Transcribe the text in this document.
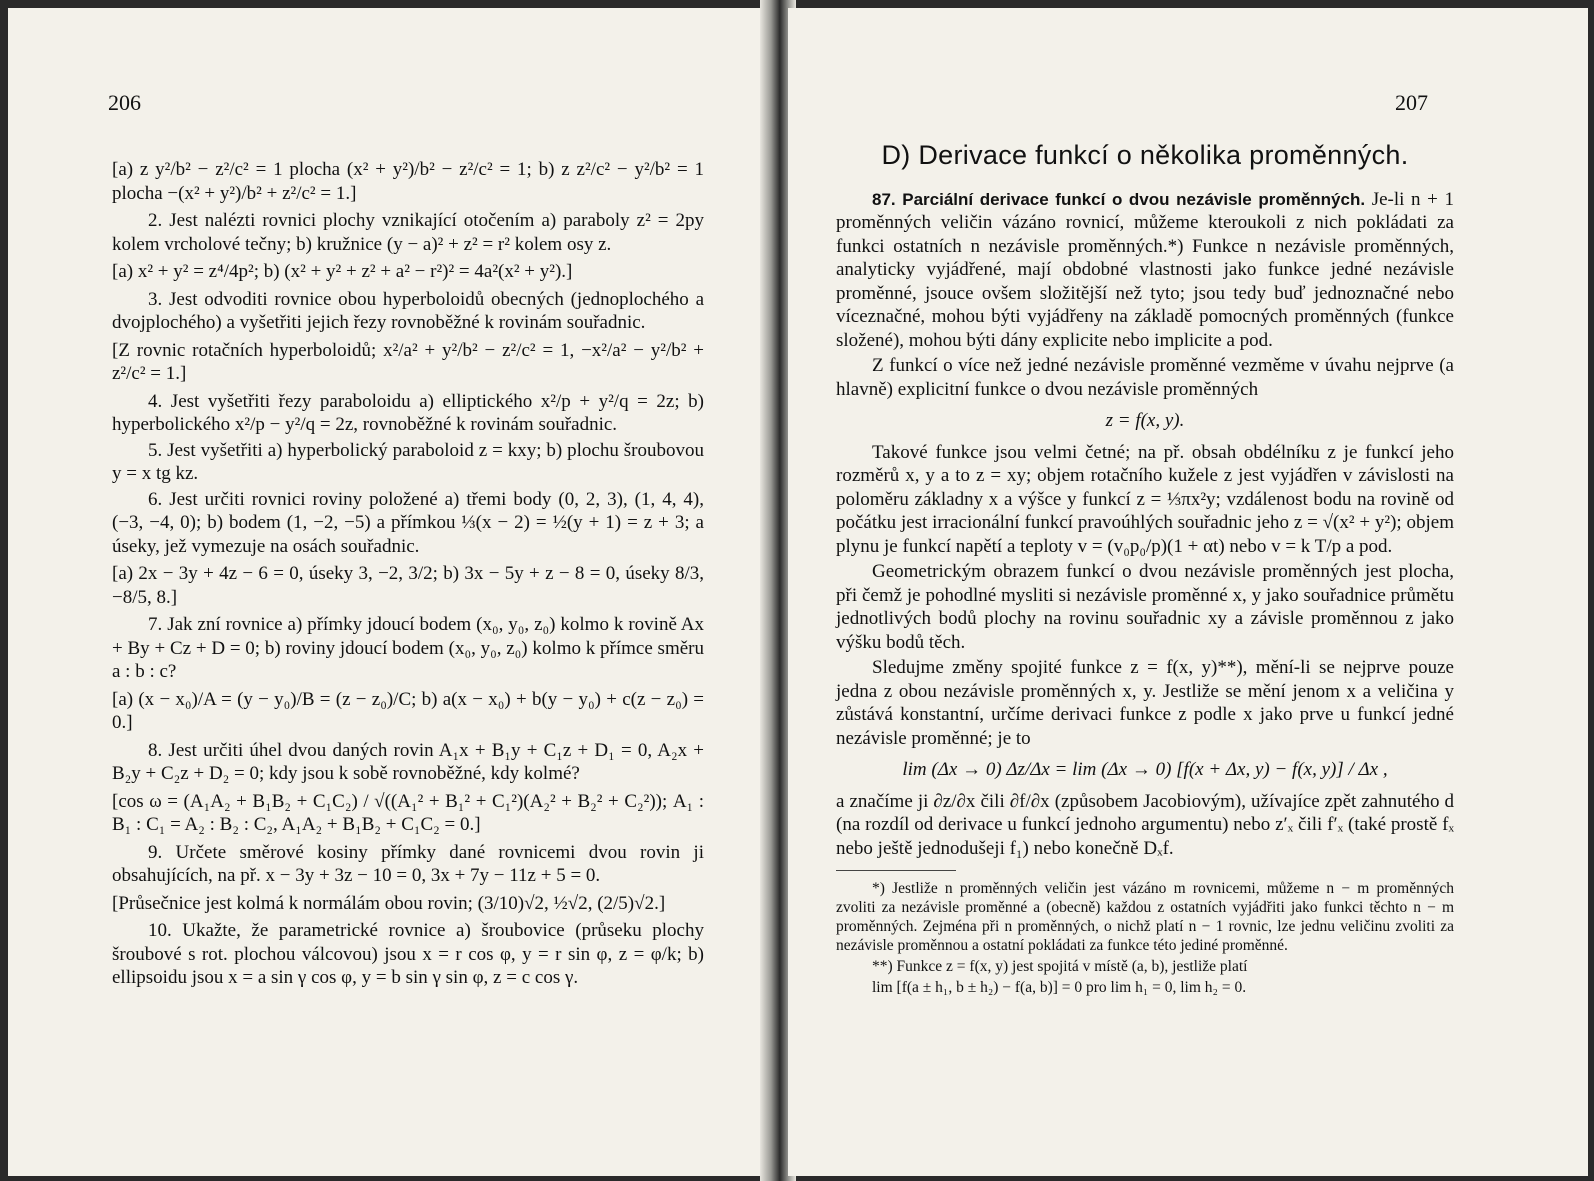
206

[a) z y²/b² − z²/c² = 1 plocha (x² + y²)/b² − z²/c² = 1; b) z z²/c² − y²/b² = 1 plocha −(x² + y²)/b² + z²/c² = 1.]

2. Jest nalézti rovnici plochy vznikající otočením a) paraboly z² = 2py kolem vrcholové tečny; b) kružnice (y − a)² + z² = r² kolem osy z.

[a) x² + y² = z⁴/4p²; b) (x² + y² + z² + a² − r²)² = 4a²(x² + y²).]

3. Jest odvoditi rovnice obou hyperboloidů obecných (jednoplochého a dvojplochého) a vyšetřiti jejich řezy rovnoběžné k rovinám souřadnic.

[Z rovnic rotačních hyperboloidů; x²/a² + y²/b² − z²/c² = 1, −x²/a² − y²/b² + z²/c² = 1.]

4. Jest vyšetřiti řezy paraboloidu a) elliptického x²/p + y²/q = 2z; b) hyperbolického x²/p − y²/q = 2z, rovnoběžné k rovinám souřadnic.

5. Jest vyšetřiti a) hyperbolický paraboloid z = kxy; b) plochu šroubovou y = x tg kz.

6. Jest určiti rovnici roviny položené a) třemi body (0, 2, 3), (1, 4, 4), (−3, −4, 0); b) bodem (1, −2, −5) a přímkou ⅓(x − 2) = ½(y + 1) = z + 3; a úseky, jež vymezuje na osách souřadnic.

[a) 2x − 3y + 4z − 6 = 0, úseky 3, −2, 3/2; b) 3x − 5y + z − 8 = 0, úseky 8/3, −8/5, 8.]

7. Jak zní rovnice a) přímky jdoucí bodem (x₀, y₀, z₀) kolmo k rovině Ax + By + Cz + D = 0; b) roviny jdoucí bodem (x₀, y₀, z₀) kolmo k přímce směru a : b : c?

[a) (x − x₀)/A = (y − y₀)/B = (z − z₀)/C; b) a(x − x₀) + b(y − y₀) + c(z − z₀) = 0.]

8. Jest určiti úhel dvou daných rovin A₁x + B₁y + C₁z + D₁ = 0, A₂x + B₂y + C₂z + D₂ = 0; kdy jsou k sobě rovnoběžné, kdy kolmé?

[cos ω = (A₁A₂ + B₁B₂ + C₁C₂) / √((A₁² + B₁² + C₁²)(A₂² + B₂² + C₂²)); A₁ : B₁ : C₁ = A₂ : B₂ : C₂, A₁A₂ + B₁B₂ + C₁C₂ = 0.]

9. Určete směrové kosiny přímky dané rovnicemi dvou rovin ji obsahujících, na př. x − 3y + 3z − 10 = 0, 3x + 7y − 11z + 5 = 0.

[Průsečnice jest kolmá k normálám obou rovin; (3/10)√2, ½√2, (2/5)√2.]

10. Ukažte, že parametrické rovnice a) šroubovice (průseku plochy šroubové s rot. plochou válcovou) jsou x = r cos φ, y = r sin φ, z = φ/k; b) ellipsoidu jsou x = a sin γ cos φ, y = b sin γ sin φ, z = c cos γ.

207
D) Derivace funkcí o několika proměnných.

87. Parciální derivace funkcí o dvou nezávisle proměnných. Je-li n + 1 proměnných veličin vázáno rovnicí, můžeme kteroukoli z nich pokládati za funkci ostatních n nezávisle proměnných.*) Funkce n nezávisle proměnných, analyticky vyjádřené, mají obdobné vlastnosti jako funkce jedné nezávisle proměnné, jsouce ovšem složitější než tyto; jsou tedy buď jednoznačné nebo víceznačné, mohou býti vyjádřeny na základě pomocných proměnných (funkce složené), mohou býti dány explicite nebo implicite a pod.

Z funkcí o více než jedné nezávisle proměnné vezměme v úvahu nejprve (a hlavně) explicitní funkce o dvou nezávisle proměnných

z = f(x, y).

Takové funkce jsou velmi četné; na př. obsah obdélníku z je funkcí jeho rozměrů x, y a to z = xy; objem rotačního kužele z jest vyjádřen v závislosti na poloměru základny x a výšce y funkcí z = ⅓πx²y; vzdálenost bodu na rovině od počátku jest irracionální funkcí pravoúhlých souřadnic jeho z = √(x² + y²); objem plynu je funkcí napětí a teploty v = (v₀p₀/p)(1 + αt) nebo v = k T/p a pod.

Geometrickým obrazem funkcí o dvou nezávisle proměnných jest plocha, při čemž je pohodlné mysliti si nezávisle proměnné x, y jako souřadnice průmětu jednotlivých bodů plochy na rovinu souřadnic xy a závisle proměnnou z jako výšku bodů těch.

Sledujme změny spojité funkce z = f(x, y)**), mění-li se nejprve pouze jedna z obou nezávisle proměnných x, y. Jestliže se mění jenom x a veličina y zůstává konstantní, určíme derivaci funkce z podle x jako prve u funkcí jedné nezávisle proměnné; je to

lim (Δx → 0) Δz/Δx = lim (Δx → 0) [f(x + Δx, y) − f(x, y)] / Δx ,

a značíme ji ∂z/∂x čili ∂f/∂x (způsobem Jacobiovým), užívajíce zpět zahnutého d (na rozdíl od derivace u funkcí jednoho argumentu) nebo z′ₓ čili f′ₓ (také prostě fₓ nebo ještě jednodušeji f₁) nebo konečně Dₓf.

*) Jestliže n proměnných veličin jest vázáno m rovnicemi, můžeme n − m proměnných zvoliti za nezávisle proměnné a (obecně) každou z ostatních vyjádřiti jako funkci těchto n − m proměnných. Zejména při n proměnných, o nichž platí n − 1 rovnic, lze jednu veličinu zvoliti za nezávisle proměnnou a ostatní pokládati za funkce této jediné proměnné.

**) Funkce z = f(x, y) jest spojitá v místě (a, b), jestliže platí

lim [f(a ± h₁, b ± h₂) − f(a, b)] = 0 pro lim h₁ = 0, lim h₂ = 0.
